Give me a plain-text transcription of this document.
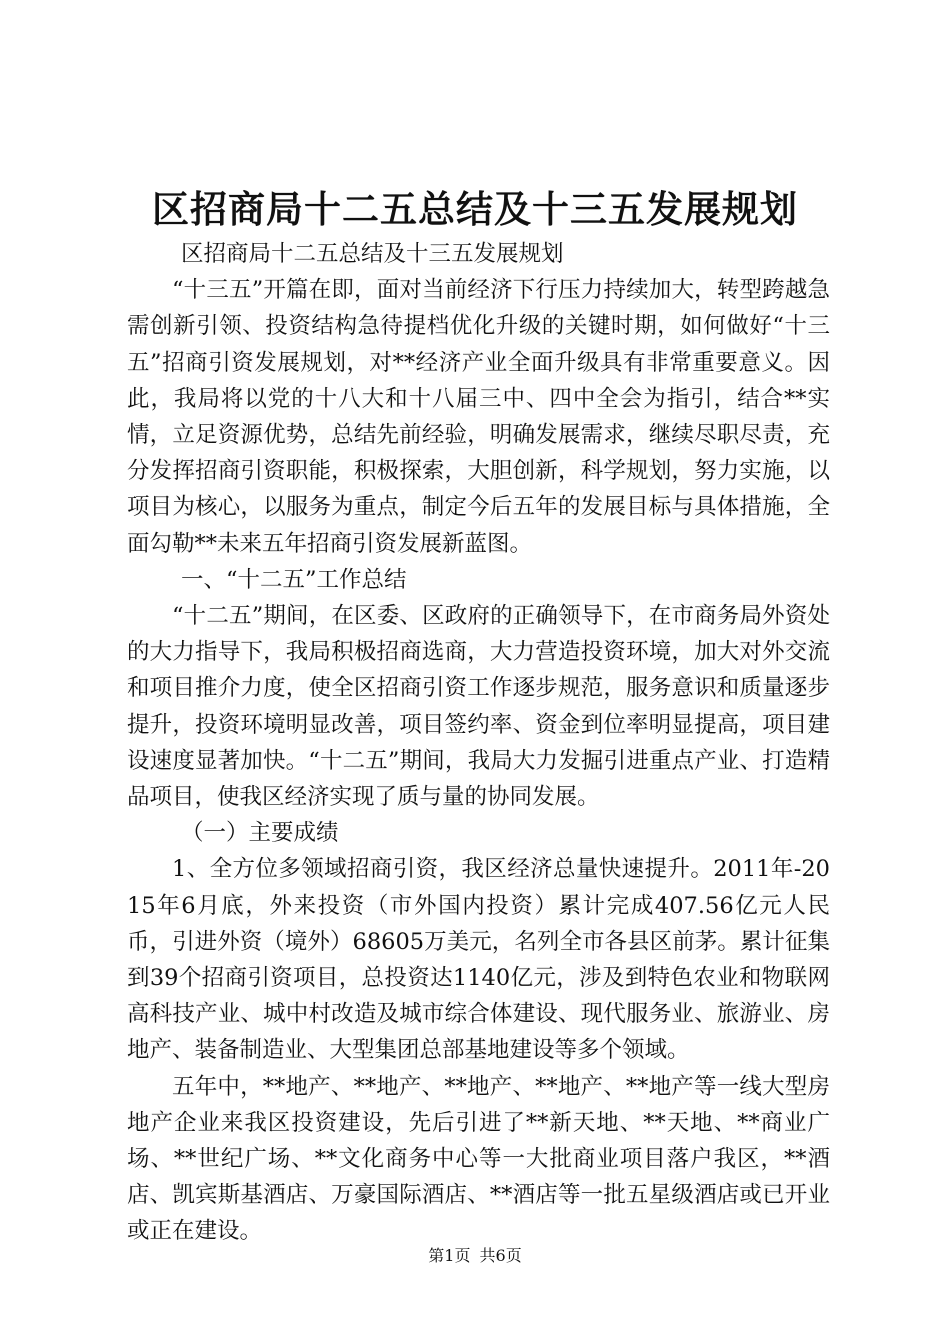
区招商局十二五总结及十三五发展规划

区招商局十二五总结及十三五发展规划

“十三五”开篇在即，面对当前经济下行压力持续加大，转型跨越急需创新引领、投资结构急待提档优化升级的关键时期，如何做好“十三五”招商引资发展规划，对**经济产业全面升级具有非常重要意义。因此，我局将以党的十八大和十八届三中、四中全会为指引，结合**实情，立足资源优势，总结先前经验，明确发展需求，继续尽职尽责，充分发挥招商引资职能，积极探索，大胆创新，科学规划，努力实施，以项目为核心，以服务为重点，制定今后五年的发展目标与具体措施，全面勾勒**未来五年招商引资发展新蓝图。

一、“十二五”工作总结

“十二五”期间，在区委、区政府的正确领导下，在市商务局外资处的大力指导下，我局积极招商选商，大力营造投资环境，加大对外交流和项目推介力度，使全区招商引资工作逐步规范，服务意识和质量逐步提升，投资环境明显改善，项目签约率、资金到位率明显提高，项目建设速度显著加快。“十二五”期间，我局大力发掘引进重点产业、打造精品项目，使我区经济实现了质与量的协同发展。

（一）主要成绩

1、全方位多领域招商引资，我区经济总量快速提升。2011年-2015年6月底，外来投资（市外国内投资）累计完成407.56亿元人民币，引进外资（境外）68605万美元，名列全市各县区前茅。累计征集到39个招商引资项目，总投资达1140亿元，涉及到特色农业和物联网高科技产业、城中村改造及城市综合体建设、现代服务业、旅游业、房地产、装备制造业、大型集团总部基地建设等多个领域。

五年中，**地产、**地产、**地产、**地产、**地产等一线大型房地产企业来我区投资建设，先后引进了**新天地、**天地、**商业广场、**世纪广场、**文化商务中心等一大批商业项目落户我区，**酒店、凯宾斯基酒店、万豪国际酒店、**酒店等一批五星级酒店或已开业或正在建设。

第1页 共6页
